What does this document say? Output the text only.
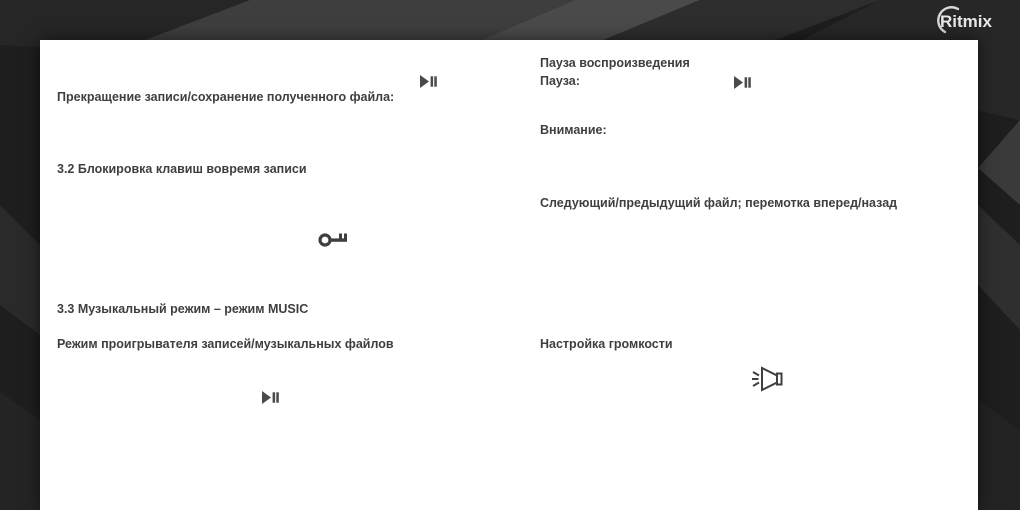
Ritmix
Прекращение записи/сохранение полученного файла:
3.2 Блокировка клавиш вовремя записи
3.3 Музыкальный режим – режим MUSIC
Режим проигрывателя записей/музыкальных файлов
Пауза воспроизведения
Пауза:
Внимание:
Следующий/предыдущий файл; перемотка вперед/назад
Настройка громкости
